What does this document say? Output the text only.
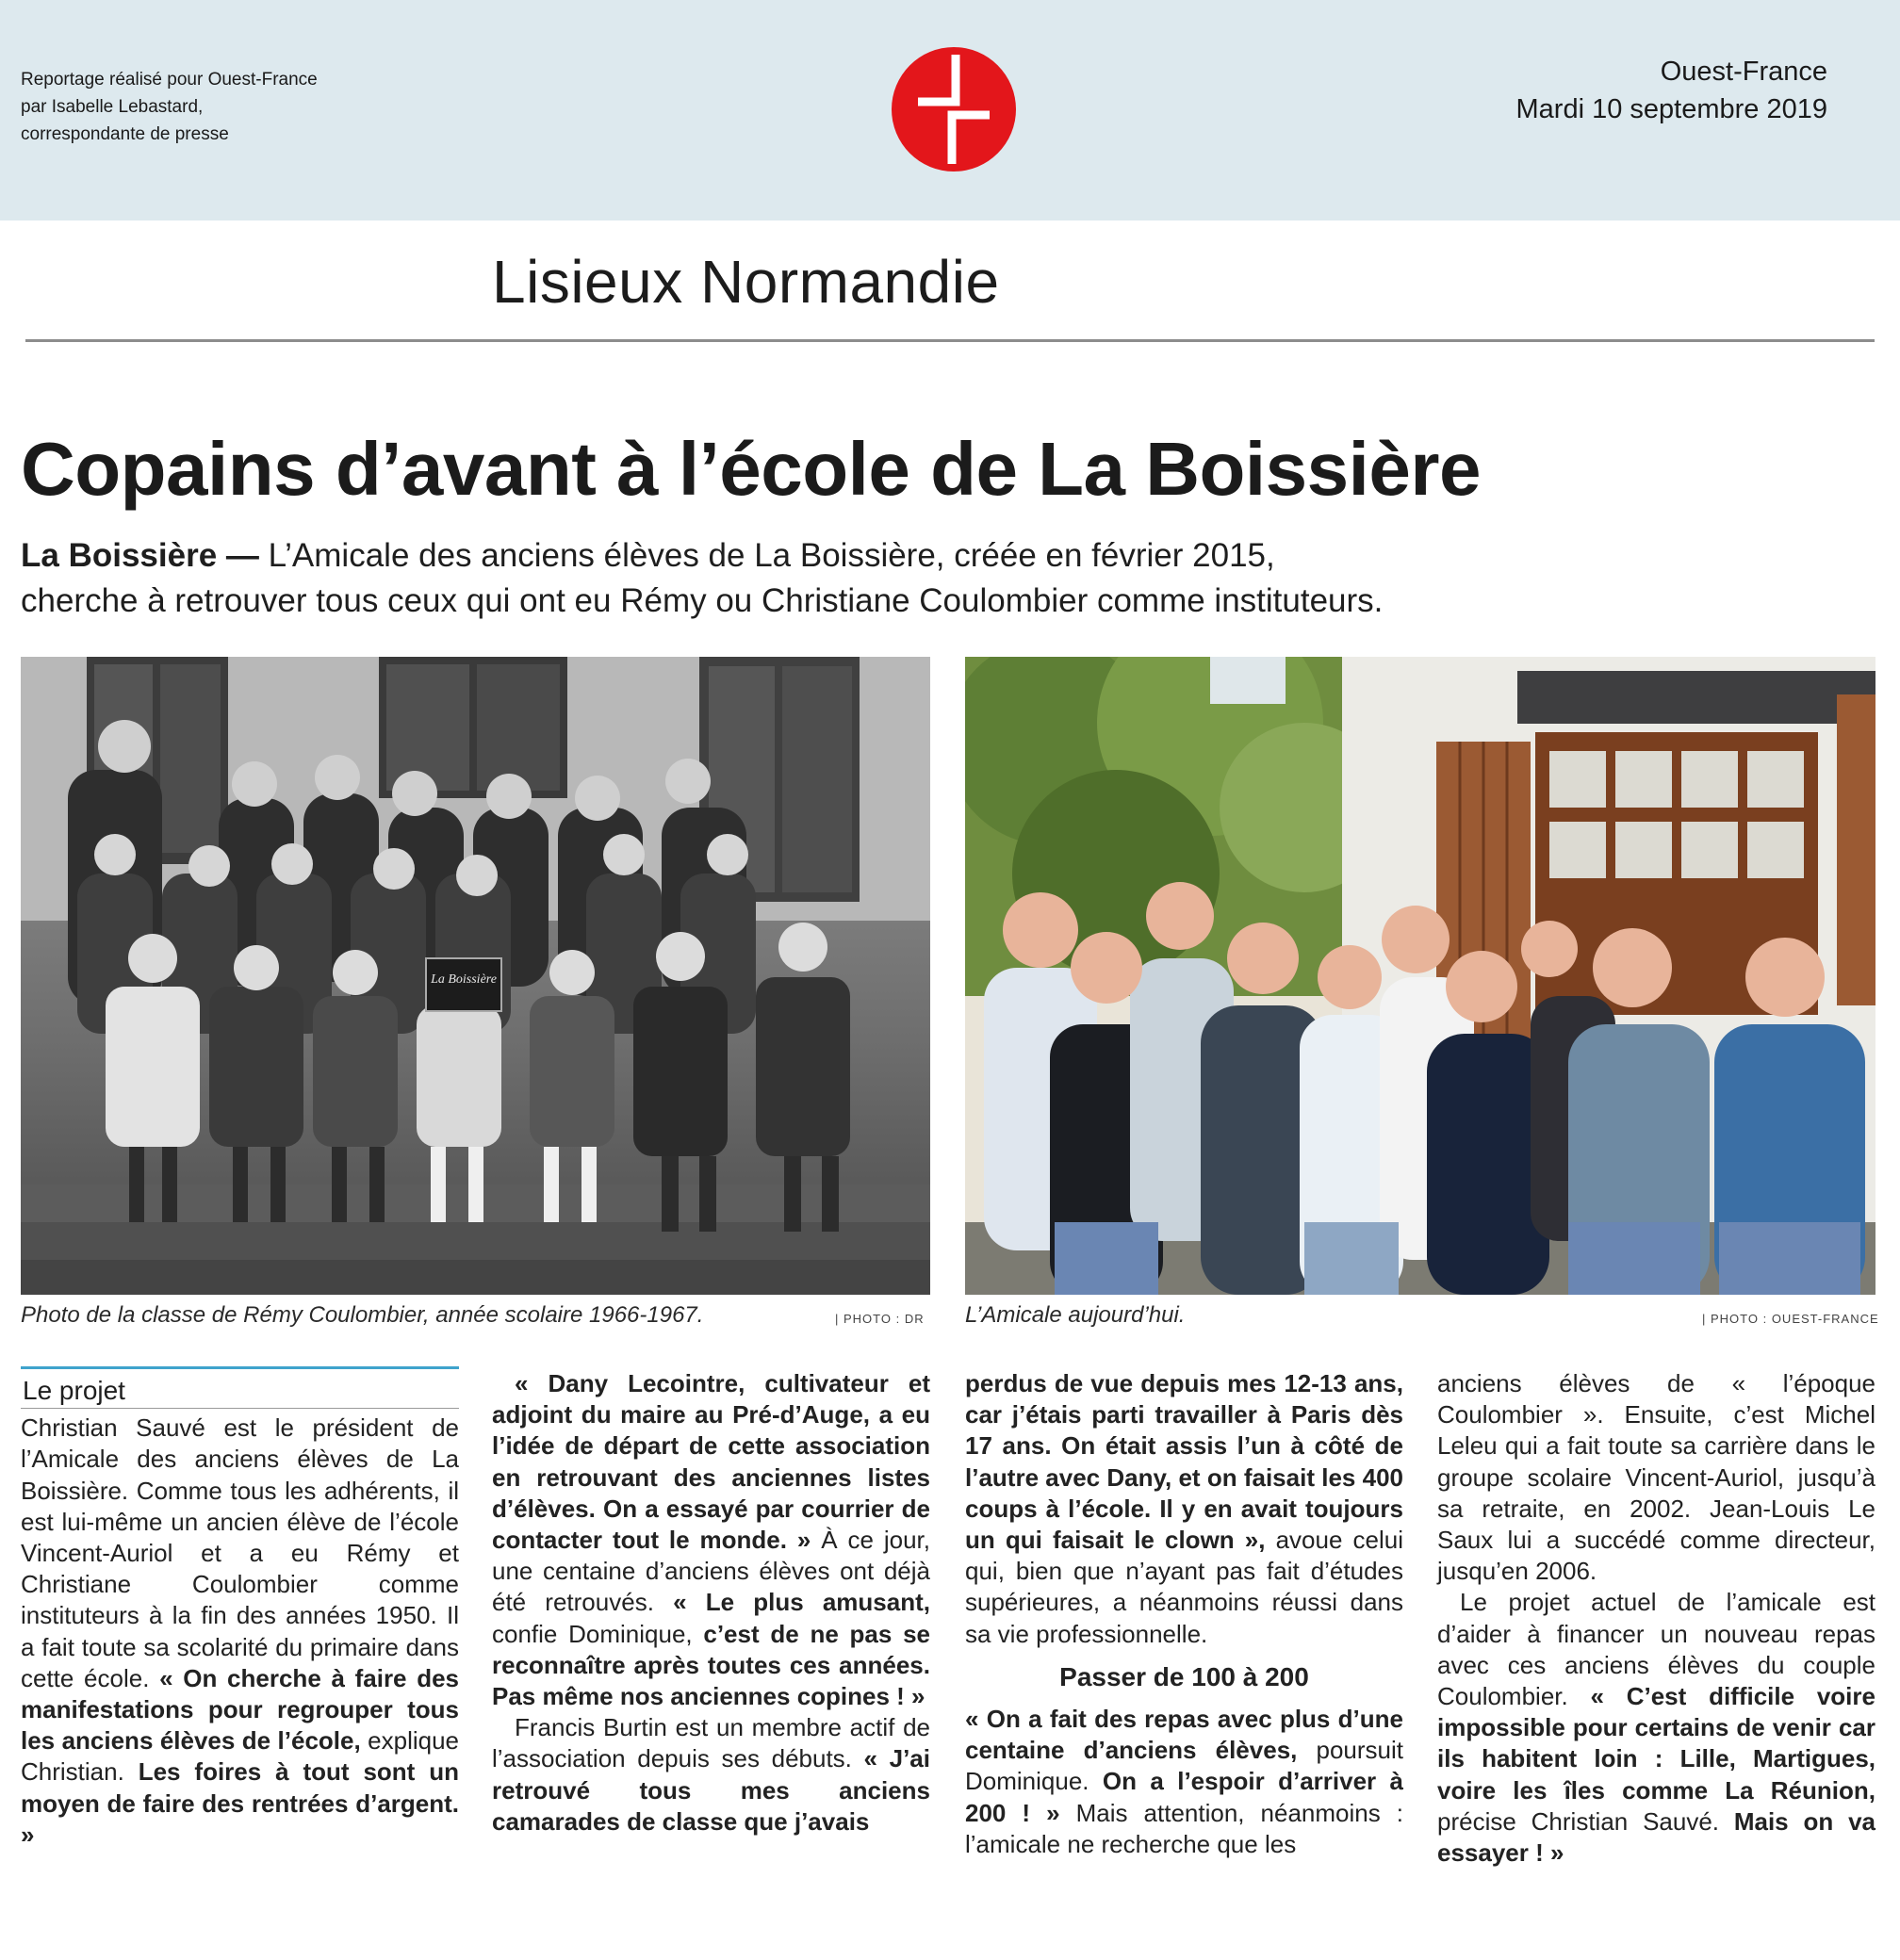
Reportage réalisé pour Ouest-France
par Isabelle Lebastard,
correspondante de presse
Ouest-France
Mardi 10 septembre 2019
Lisieux Normandie
Copains d’avant à l’école de La Boissière
La Boissière — L’Amicale des anciens élèves de La Boissière, créée en février 2015,
cherche à retrouver tous ceux qui ont eu Rémy ou Christiane Coulombier comme instituteurs.
La Boissière
Photo de la classe de Rémy Coulombier, année scolaire 1966-1967.	| PHOTO : DR L’Amicale aujourd’hui.	| PHOTO : OUEST-FRANCE
Le projet

Christian Sauvé est le président de l’Amicale des anciens élèves de La Boissière. Comme tous les adhérents, il est lui-même un ancien élève de l’école Vincent-Auriol et a eu Rémy et Christiane Coulombier comme instituteurs à la fin des années 1950. Il a fait toute sa scolarité du primaire dans cette école. « On cherche à faire des manifestations pour regrouper tous les anciens élèves de l’école, explique Christian. Les foires à tout sont un moyen de faire des rentrées d’argent. »

« Dany Lecointre, cultivateur et adjoint du maire au Pré-d’Auge, a eu l’idée de départ de cette association en retrouvant des anciennes listes d’élèves. On a essayé par courrier de contacter tout le monde. » À ce jour, une centaine d’anciens élèves ont déjà été retrouvés. « Le plus amusant, confie Dominique, c’est de ne pas se reconnaître après toutes ces années. Pas même nos anciennes copines ! »

Francis Burtin est un membre actif de l’association depuis ses débuts. « J’ai retrouvé tous mes anciens camarades de classe que j’avais

perdus de vue depuis mes 12-13 ans, car j’étais parti travailler à Paris dès 17 ans. On était assis l’un à côté de l’autre avec Dany, et on faisait les 400 coups à l’école. Il y en avait toujours un qui faisait le clown », avoue celui qui, bien que n’ayant pas fait d’études supérieures, a néanmoins réussi dans sa vie professionnelle.

Passer de 100 à 200

« On a fait des repas avec plus d’une centaine d’anciens élèves, poursuit Dominique. On a l’espoir d’arriver à 200 ! » Mais attention, néanmoins : l’amicale ne recherche que les

anciens élèves de « l’époque Coulombier ». Ensuite, c’est Michel Leleu qui a fait toute sa carrière dans le groupe scolaire Vincent-Auriol, jusqu’à sa retraite, en 2002. Jean-Louis Le Saux lui a succédé comme directeur, jusqu’en 2006.

Le projet actuel de l’amicale est d’aider à financer un nouveau repas avec ces anciens élèves du couple Coulombier. « C’est difficile voire impossible pour certains de venir car ils habitent loin : Lille, Martigues, voire les îles comme La Réunion, précise Christian Sauvé. Mais on va essayer ! »
